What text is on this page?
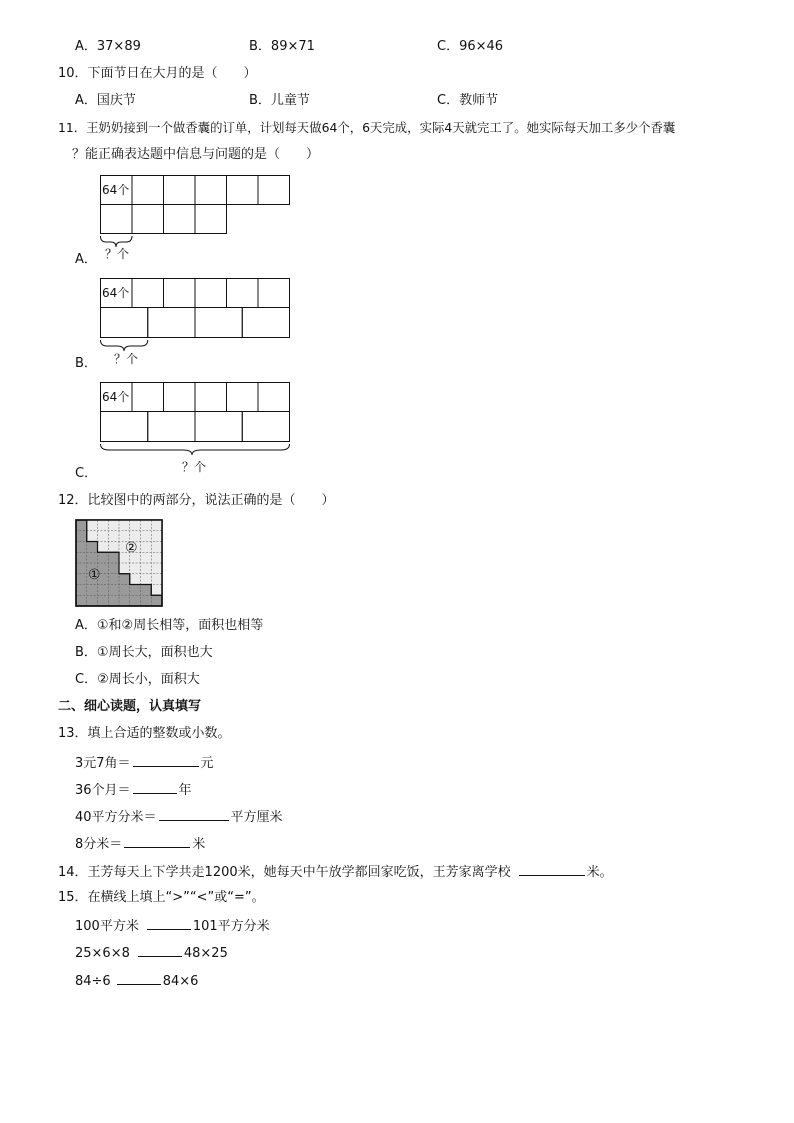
A．37×89	B．89×71	C．96×46
10．下面节日在大月的是（　　）
A．国庆节	B．儿童节	C．教师节
11．王奶奶接到一个做香囊的订单，计划每天做64个，6天完成，实际4天就完工了。她实际每天加工多少个香囊
？能正确表达题中信息与问题的是（　　）
64个
？个
A．
64个
？个
B．
64个
？个
C．
12．比较图中的两部分，说法正确的是（　　）
②
①
A．①和②周长相等，面积也相等
B．①周长大，面积也大
C．②周长小，面积大
二、细心读题，认真填写
13．填上合适的整数或小数。
3元7角＝	元
36个月＝	年
40平方分米＝	平方厘米
8分米＝	米
14．王芳每天上下学共走1200米，她每天中午放学都回家吃饭，王芳家离学校	米。
15．在横线上填上“>”“<”或“=”。
100平方米	101平方分米
25×6×8	48×25
84÷6	84×6
